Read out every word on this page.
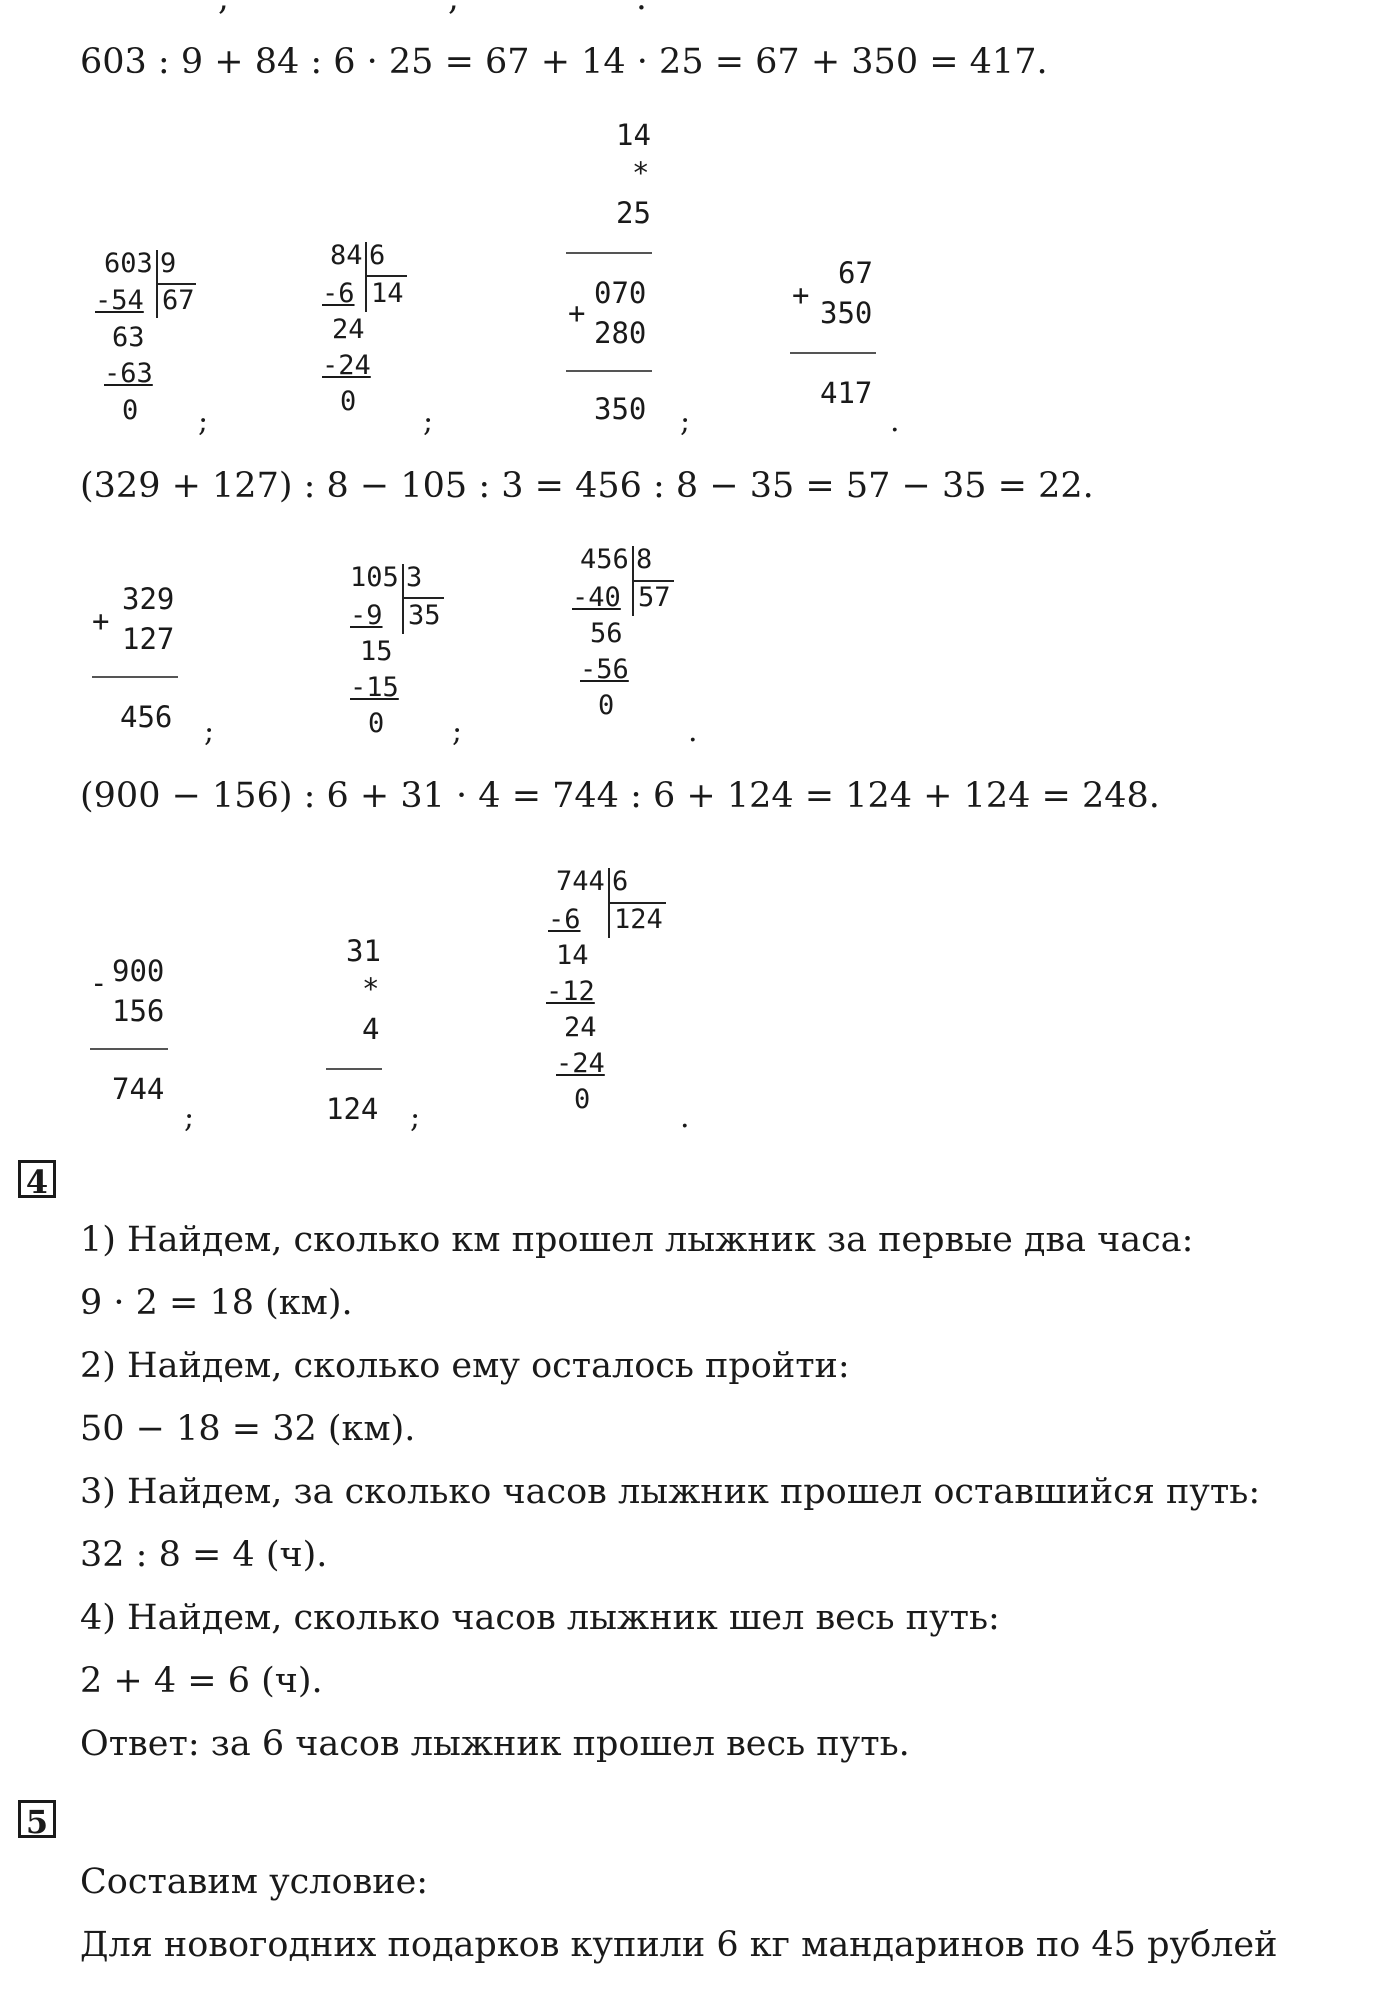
603 : 9 + 84 : 6 · 25 = 67 + 14 · 25 = 67 + 350 = 417.
603 9
67
-54
63
-63
0
84 6
14
-6
24
-24
0
14
*
25
070
+
280
350
67
+
350
417
;	;	;	.
(329 + 127) : 8 − 105 : 3 = 456 : 8 − 35 = 57 − 35 = 22.
329
+
127
456
105 3
35
-9
15
-15
0
456 8
57
-40
56
-56
0
;	;	.
(900 − 156) : 6 + 31 · 4 = 744 : 6 + 124 = 124 + 124 = 248.
900
-
156
744
31
*
4
124
744 6
124
-6
14
-12
24
-24
0
;	;	.
4
1) Найдем, сколько км прошел лыжник за первые два часа:
9 · 2 = 18 (км).
2) Найдем, сколько ему осталось пройти:
50 − 18 = 32 (км).
3) Найдем, за сколько часов лыжник прошел оставшийся путь:
32 : 8 = 4 (ч).
4) Найдем, сколько часов лыжник шел весь путь:
2 + 4 = 6 (ч).
Ответ: за 6 часов лыжник прошел весь путь.
5
Составим условие:
Для новогодних подарков купили 6 кг мандаринов по 45 рублей
